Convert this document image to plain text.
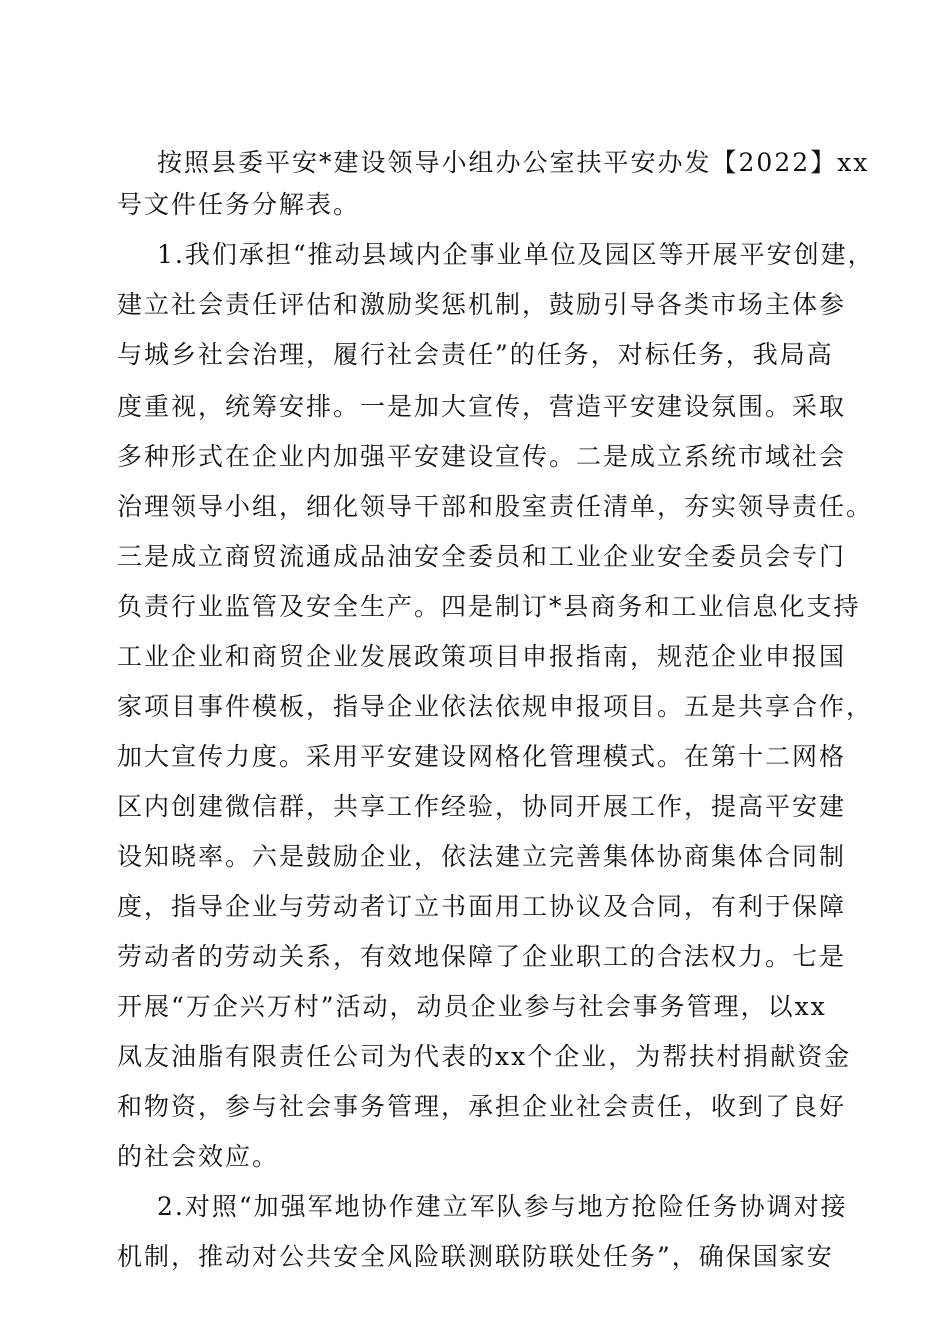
按照县委平安*建设领导小组办公室扶平安办发【2022】xx
号文件任务分解表。
1.我们承担“推动县域内企事业单位及园区等开展平安创建，
建立社会责任评估和激励奖惩机制，鼓励引导各类市场主体参
与城乡社会治理，履行社会责任”的任务，对标任务，我局高
度重视，统筹安排。一是加大宣传，营造平安建设氛围。采取
多种形式在企业内加强平安建设宣传。二是成立系统市域社会
治理领导小组，细化领导干部和股室责任清单，夯实领导责任。
三是成立商贸流通成品油安全委员和工业企业安全委员会专门
负责行业监管及安全生产。四是制订*县商务和工业信息化支持
工业企业和商贸企业发展政策项目申报指南，规范企业申报国
家项目事件模板，指导企业依法依规申报项目。五是共享合作，
加大宣传力度。采用平安建设网格化管理模式。在第十二网格
区内创建微信群，共享工作经验，协同开展工作，提高平安建
设知晓率。六是鼓励企业，依法建立完善集体协商集体合同制
度，指导企业与劳动者订立书面用工协议及合同，有利于保障
劳动者的劳动关系，有效地保障了企业职工的合法权力。七是
开展“万企兴万村”活动，动员企业参与社会事务管理，以xx
凤友油脂有限责任公司为代表的xx个企业，为帮扶村捐献资金
和物资，参与社会事务管理，承担企业社会责任，收到了良好
的社会效应。
2.对照“加强军地协作建立军队参与地方抢险任务协调对接
机制，推动对公共安全风险联测联防联处任务”，确保国家安
